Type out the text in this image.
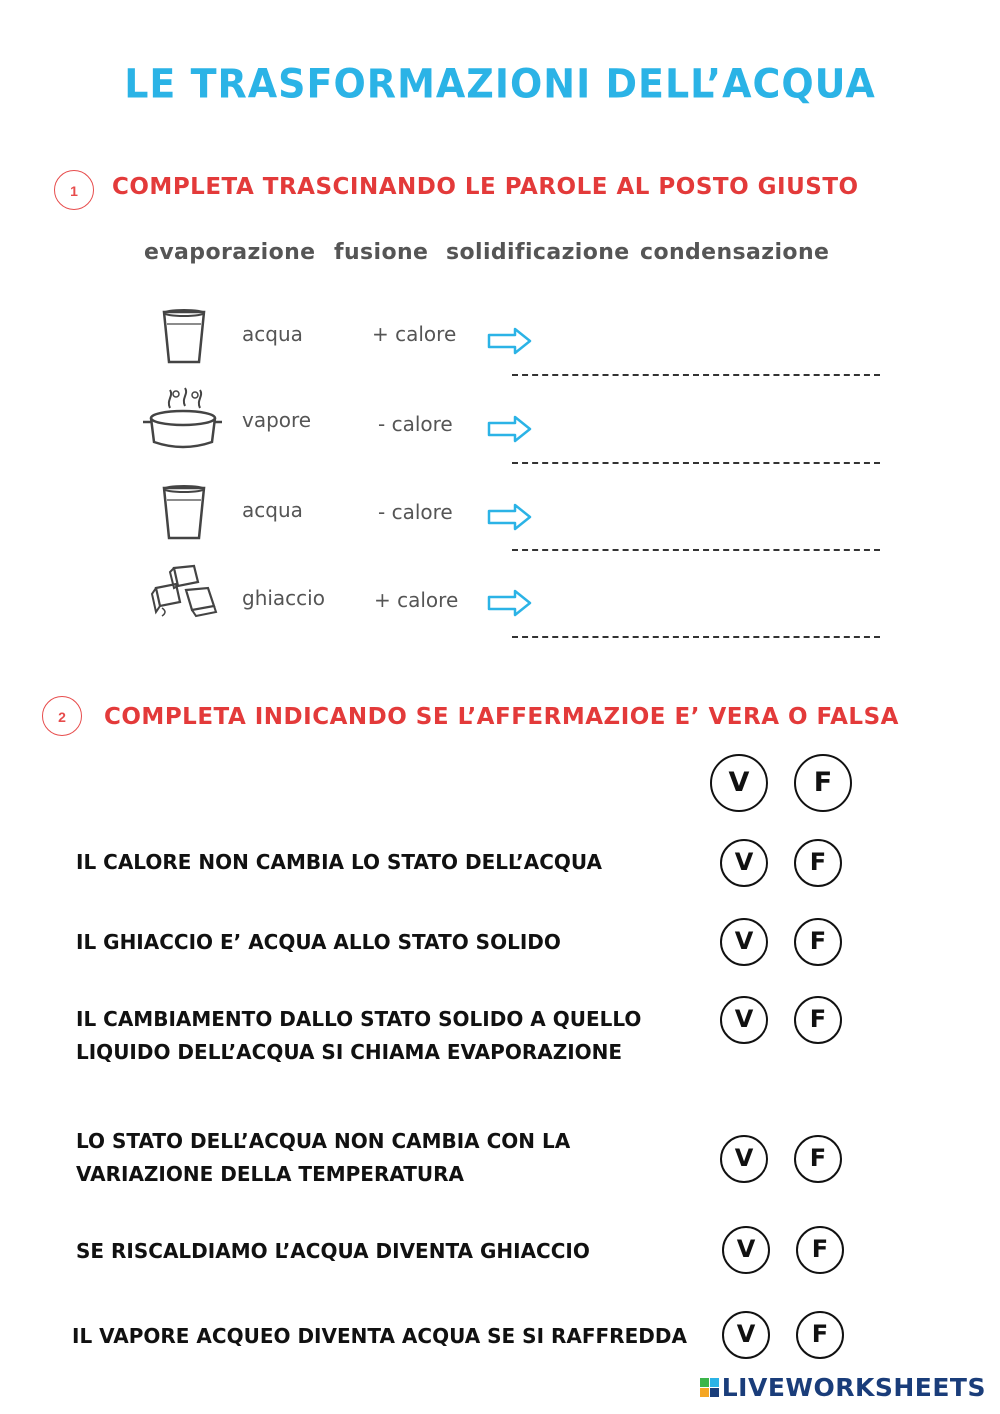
LE TRASFORMAZIONI DELL’ACQUA
1	COMPLETA TRASCINANDO LE PAROLE AL POSTO GIUSTO
evaporazione fusione solidificazione condensazione
acqua	+ calore
vapore	- calore
acqua	- calore
ghiaccio + calore
2	COMPLETA INDICANDO SE L’AFFERMAZIOE E’ VERA O FALSA
V	F
IL CALORE NON CAMBIA LO STATO DELL’ACQUA	V	F
IL GHIACCIO E’ ACQUA ALLO STATO SOLIDO	V	F
IL CAMBIAMENTO DALLO STATO SOLIDO A QUELLO
LIQUIDO DELL’ACQUA SI CHIAMA EVAPORAZIONE
V	F
LO STATO DELL’ACQUA NON CAMBIA CON LA
VARIAZIONE DELLA TEMPERATURA
V	F
SE RISCALDIAMO L’ACQUA DIVENTA GHIACCIO	V	F
IL VAPORE ACQUEO DIVENTA ACQUA SE SI RAFFREDDA	V	F
LIVEWORKSHEETS
